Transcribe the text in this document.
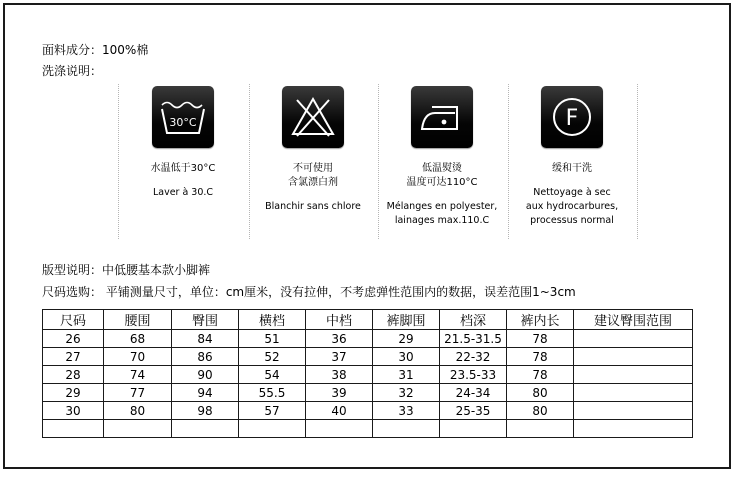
面料成分：100%棉
洗涤说明：
30°C
水温低于30°C
Laver à 30.C
不可使用
含氯漂白剂
Blanchir sans chlore
低温熨烫
温度可达110°C
Mélanges en polyester,
lainages max.110.C
F
缓和干洗
Nettoyage à sec
aux hydrocarbures,
processus normal
版型说明：中低腰基本款小脚裤
尺码选购： 平铺测量尺寸，单位：cm厘米，没有拉伸，不考虑弹性范围内的数据，误差范围1~3cm
尺码	腰围	臀围	横档	中档	裤脚围	档深	裤内长	建议臀围范围
26	68	84	51	36	29	21.5-31.5	78	
27	70	86	52	37	30	22-32	78	
28	74	90	54	38	31	23.5-33	78	
29	77	94	55.5	39	32	24-34	80	
30	80	98	57	40	33	25-35	80	
